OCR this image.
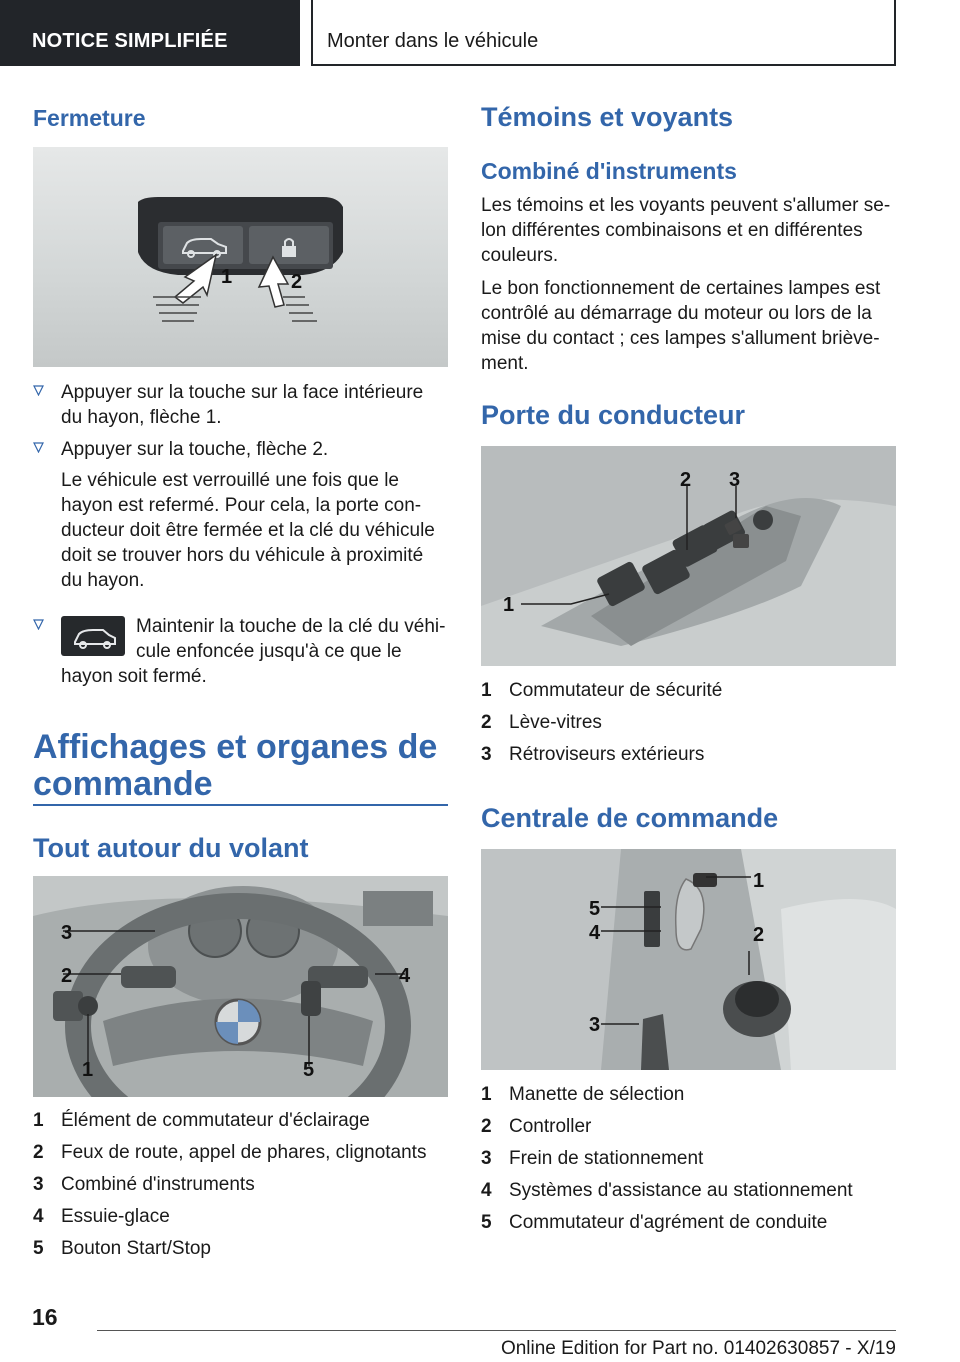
NOTICE SIMPLIFIÉE	Monter dans le véhicule
Fermeture
1	2
Appuyer sur la touche sur la face intérieure du hayon, flèche 1.
Appuyer sur la touche, flèche 2.
Le véhicule est verrouillé une fois que le
hayon est refermé. Pour cela, la porte con-
ducteur doit être fermée et la clé du véhicule
doit se trouver hors du véhicule à proximité
du hayon.
Maintenir la touche de la clé du véhi-
cule enfoncée jusqu'à ce que le
hayon soit fermé.
Affichages et organes de
commande
Tout autour du volant
3
2	4
1	5
1 Élément de commutateur d'éclairage
2 Feux de route, appel de phares, clignotants
3 Combiné d'instruments
4 Essuie-glace
5 Bouton Start/Stop
Témoins et voyants
Combiné d'instruments
Les témoins et les voyants peuvent s'allumer se-
lon différentes combinaisons et en différentes
couleurs.
Le bon fonctionnement de certaines lampes est
contrôlé au démarrage du moteur ou lors de la
mise du contact ; ces lampes s'allument brièvе-
ment.
Porte du conducteur
1
2 3
1 Commutateur de sécurité
2 Lève-vitres
3 Rétroviseurs extérieurs
Centrale de commande
1
2
3
4
5
1 Manette de sélection
2 Controller
3 Frein de stationnement
4 Systèmes d'assistance au stationnement
5 Commutateur d'agrément de conduite
16
Online Edition for Part no. 01402630857 - X/19
